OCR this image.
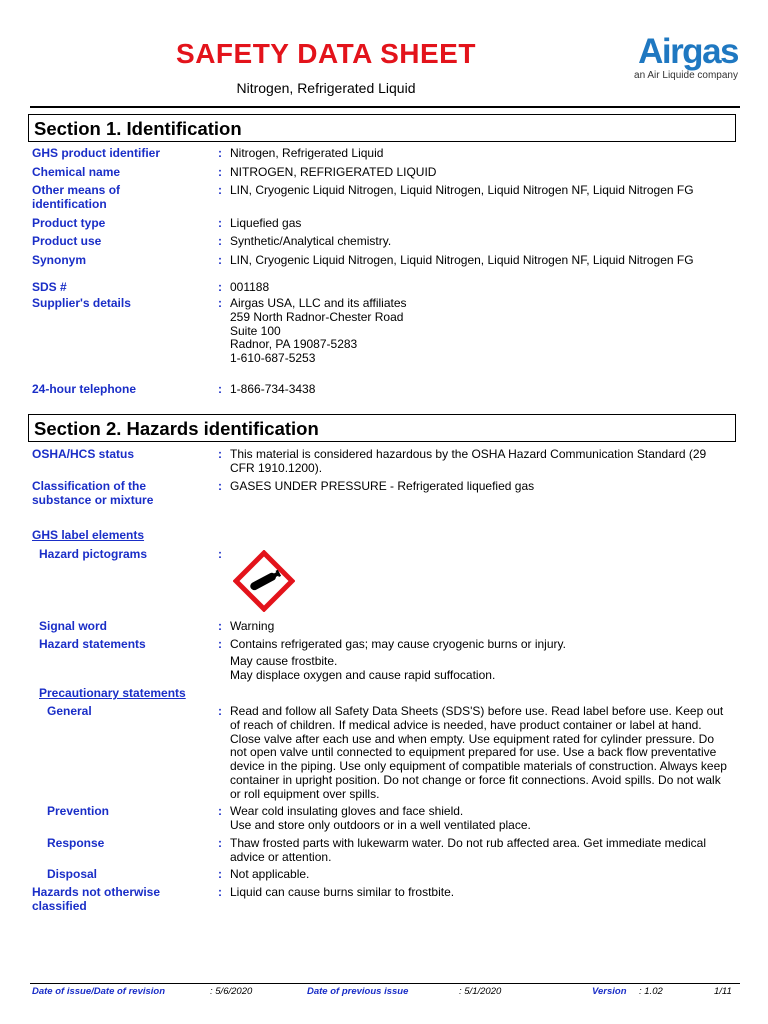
SAFETY DATA SHEET
Nitrogen, Refrigerated Liquid
Airgas
an Air Liquide company
Section 1. Identification
GHS product identifier	: Nitrogen, Refrigerated Liquid
Chemical name	: NITROGEN, REFRIGERATED LIQUID
Other means of identification
: LIN, Cryogenic Liquid Nitrogen, Liquid Nitrogen, Liquid Nitrogen NF, Liquid Nitrogen FG
Product type	: Liquefied gas
Product use	: Synthetic/Analytical chemistry.
Synonym	: LIN, Cryogenic Liquid Nitrogen, Liquid Nitrogen, Liquid Nitrogen NF, Liquid Nitrogen FG
SDS #	: 001188
Supplier's details	: Airgas USA, LLC and its affiliates
259 North Radnor-Chester Road
Suite 100
Radnor, PA 19087-5283
1-610-687-5253
24-hour telephone	: 1-866-734-3438
Section 2. Hazards identification
OSHA/HCS status	: This material is considered hazardous by the OSHA Hazard Communication Standard (29 CFR 1910.1200).
Classification of the substance or mixture
: GASES UNDER PRESSURE - Refrigerated liquefied gas
GHS label elements
Hazard pictograms	:
Signal word	: Warning
Hazard statements	: Contains refrigerated gas; may cause cryogenic burns or injury.
May cause frostbite.
May displace oxygen and cause rapid suffocation.
Precautionary statements
General	: Read and follow all Safety Data Sheets (SDS'S) before use. Read label before use. Keep out of reach of children. If medical advice is needed, have product container or label at hand. Close valve after each use and when empty. Use equipment rated for cylinder pressure. Do not open valve until connected to equipment prepared for use. Use a back flow preventative device in the piping. Use only equipment of compatible materials of construction. Always keep container in upright position. Do not change or force fit connections. Avoid spills. Do not walk or roll equipment over spills.
Prevention	: Wear cold insulating gloves and face shield.
Use and store only outdoors or in a well ventilated place.
Response	: Thaw frosted parts with lukewarm water. Do not rub affected area. Get immediate medical advice or attention.
Disposal	: Not applicable.
Hazards not otherwise classified
: Liquid can cause burns similar to frostbite.
Date of issue/Date of revision	: 5/6/2020	Date of previous issue	: 5/1/2020	Version : 1.02	1/11
